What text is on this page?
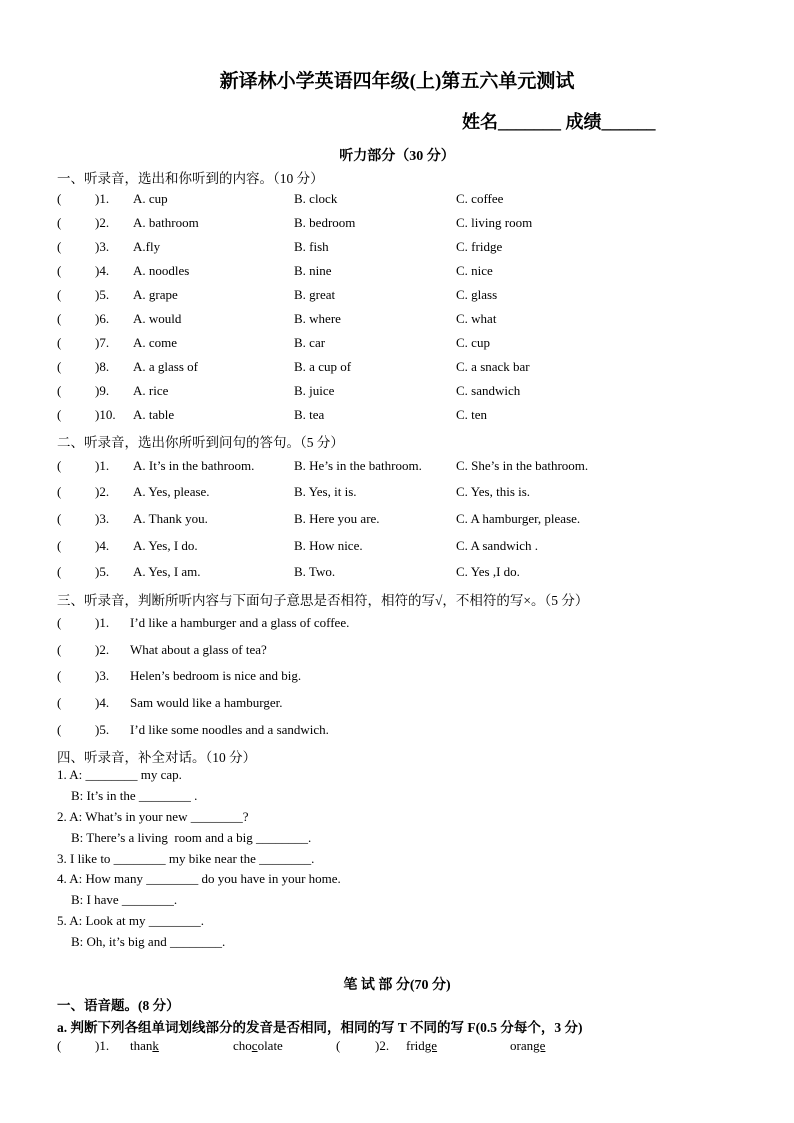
新译林小学英语四年级(上)第五六单元测试
姓名_______ 成绩______
听力部分（30 分）
一、听录音，选出和你听到的内容。（10 分）
(	)1. A. cup	B. clock	C. coffee
(	)2. A. bathroom	B. bedroom	C. living room
(	)3. A.fly	B. fish	C. fridge
(	)4. A. noodles	B. nine	C. nice
(	)5. A. grape	B. great	C. glass
(	)6. A. would	B. where	C. what
(	)7. A. come	B. car	C. cup
(	)8. A. a glass of	B. a cup of	C. a snack bar
(	)9. A. rice	B. juice	C. sandwich
(	)10. A. table	B. tea	C. ten
二、听录音，选出你所听到问句的答句。（5 分）
(	)1. A. It’s in the bathroom.	B. He’s in the bathroom.	C. She’s in the bathroom.
(	)2. A. Yes, please.	B. Yes, it is.	C. Yes, this is.
(	)3. A. Thank you.	B. Here you are.	C. A hamburger, please.
(	)4. A. Yes, I do.	B. How nice.	C. A sandwich .
(	)5. A. Yes, I am.	B. Two.	C. Yes ,I do.
三、听录音，判断所听内容与下面句子意思是否相符，相符的写√，不相符的写×。（5 分）
(	)1. I’d like a hamburger and a glass of coffee.
(	)2. What about a glass of tea?
(	)3. Helen’s bedroom is nice and big.
(	)4. Sam would like a hamburger.
(	)5. I’d like some noodles and a sandwich.
四、听录音，补全对话。（10 分）
1. A: ________ my cap.
B: It’s in the ________ .
2. A: What’s in your new ________?
B: There’s a living  room and a big ________.
3. I like to ________ my bike near the ________.
4. A: How many ________ do you have in your home.
B: I have ________.
5. A: Look at my ________.
B: Oh, it’s big and ________.
笔 试 部 分(70 分)
一、语音题。(8 分）
a. 判断下列各组单词划线部分的发音是否相同，相同的写 T 不同的写 F(0.5 分每个，3 分)
(	)1. thank	chocolate	(	)2. fridge	orange
